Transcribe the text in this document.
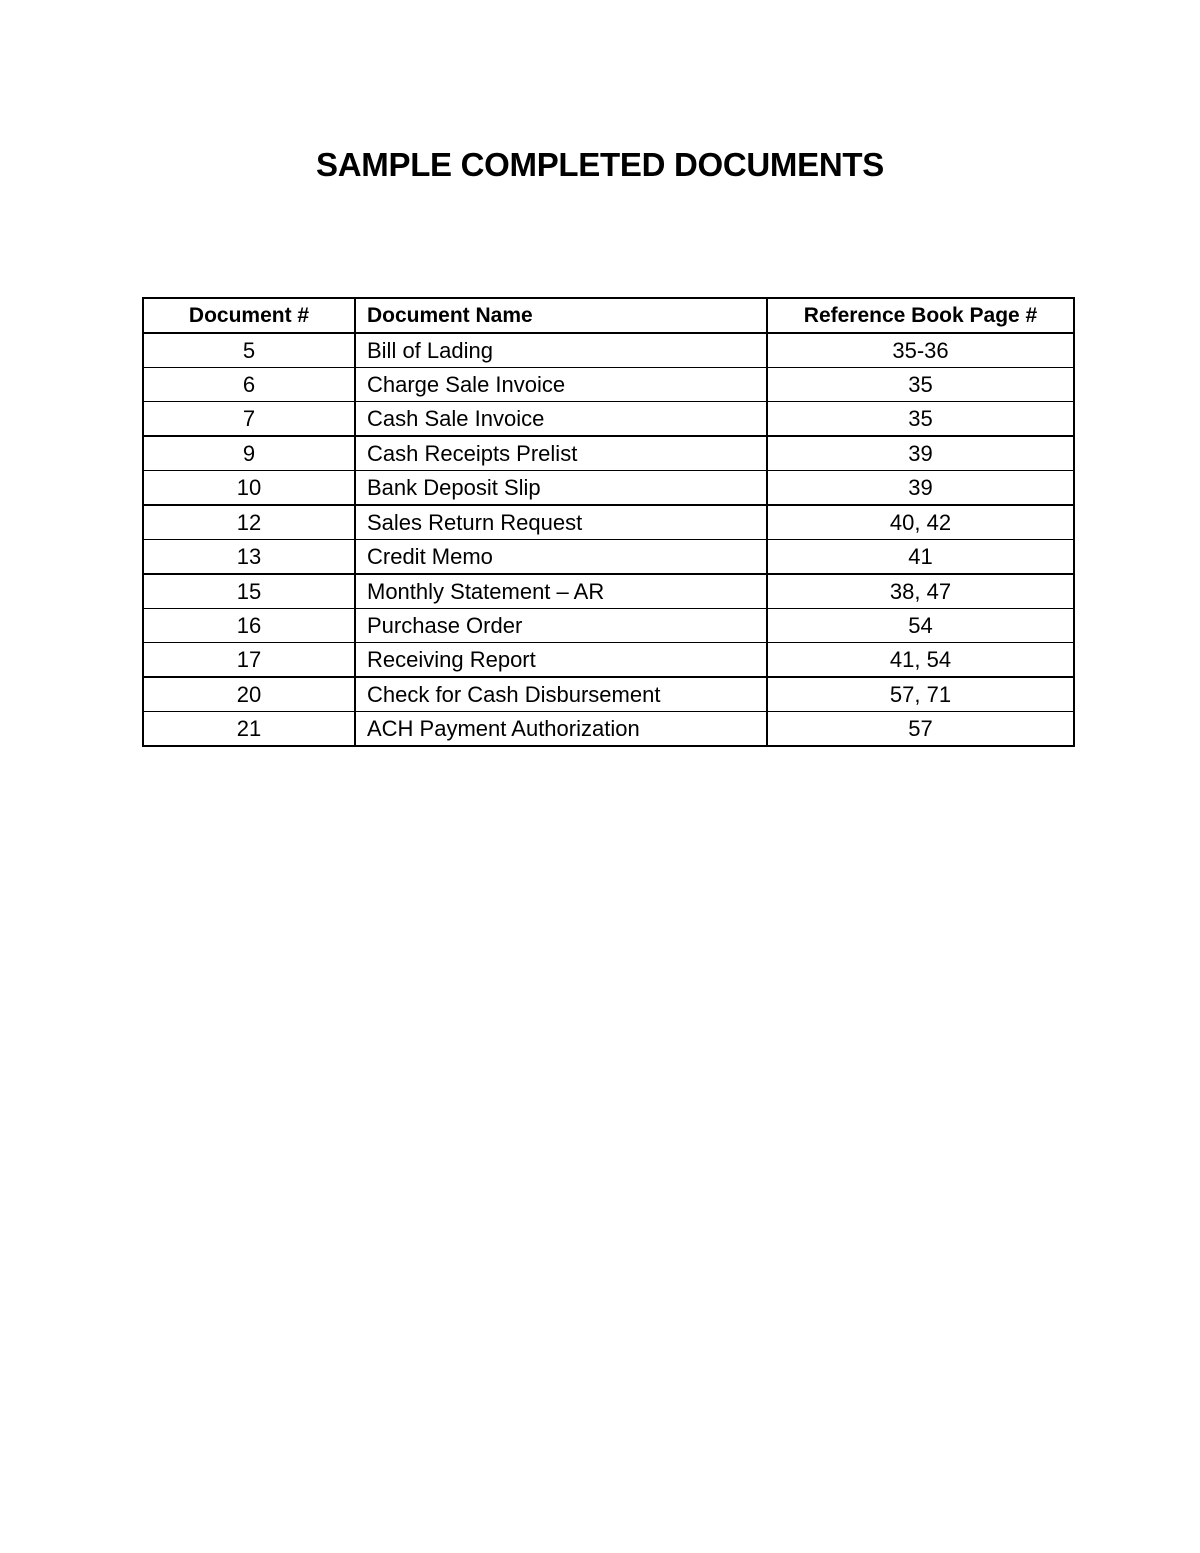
SAMPLE COMPLETED DOCUMENTS
Document #	Document Name	Reference Book Page #
5	Bill of Lading	35-36
6	Charge Sale Invoice	35
7	Cash Sale Invoice	35
9	Cash Receipts Prelist	39
10	Bank Deposit Slip	39
12	Sales Return Request	40, 42
13	Credit Memo	41
15	Monthly Statement – AR	38, 47
16	Purchase Order	54
17	Receiving Report	41, 54
20	Check for Cash Disbursement	57, 71
21	ACH Payment Authorization	57
